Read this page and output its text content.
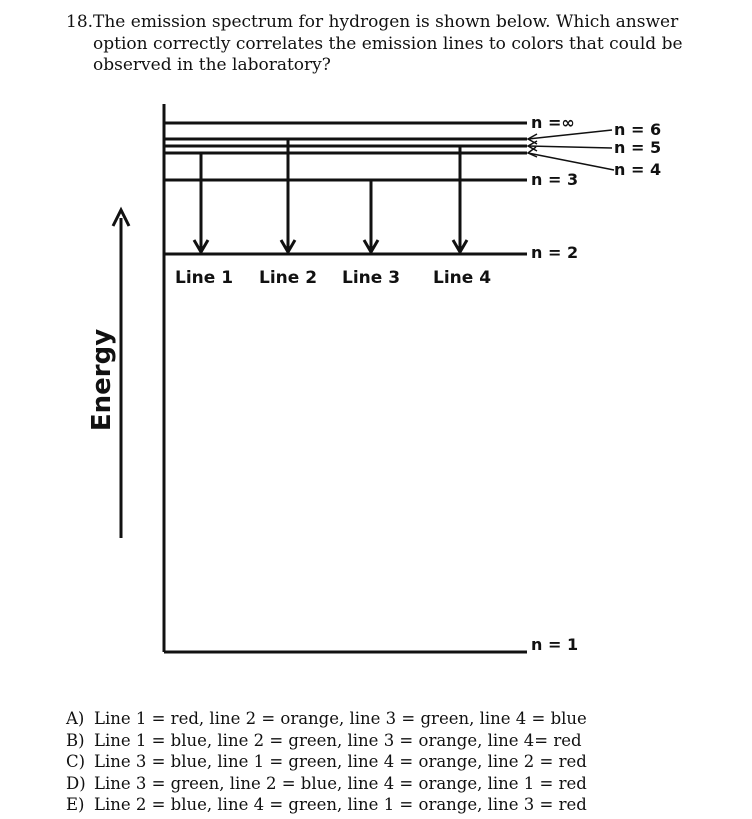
18.The emission spectrum for hydrogen is shown below. Which answer option correctly correlates the emission lines to colors that could be observed in the laboratory?
Energy
n =∞ n = 6
n = 5
n = 4
n = 3
n = 2
n = 1
Line 1 Line 2 Line 3 Line 4
A) Line 1 = red, line 2 = orange, line 3 = green, line 4 = blue
B) Line 1 = blue, line 2 = green, line 3 = orange, line 4= red
C) Line 3 = blue, line 1 = green, line 4 = orange, line 2 = red
D) Line 3 = green, line 2 = blue, line 4 = orange, line 1 = red
E) Line 2 = blue, line 4 = green, line 1 = orange, line 3 = red
